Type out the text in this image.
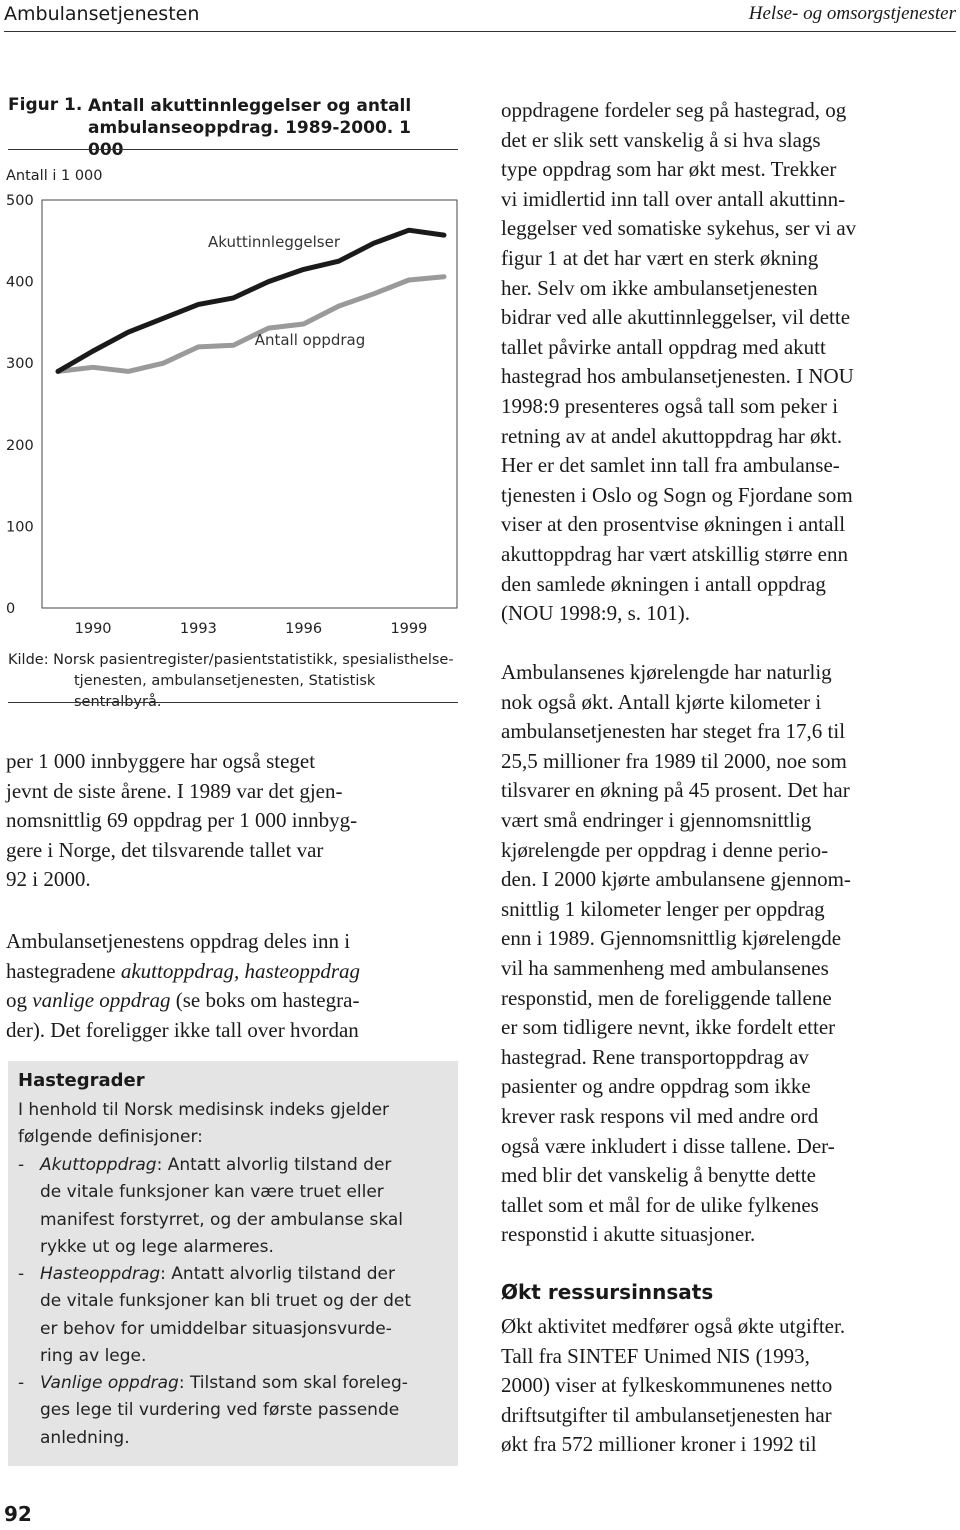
Ambulansetjenesten	Helse- og omsorgstjenester
Figur 1. Antall akuttinnleggelser og antall
ambulanseoppdrag. 1989-2000. 1 000
Antall i 1 000
0
100
200
300
400
500
1990	1993	1996	1999
Akuttinnleggelser
Antall oppdrag
Kilde: Norsk pasientregister/pasientstatistikk, spesialisthelse-
tjenesten, ambulansetjenesten, Statistisk sentralbyrå.

per 1 000 innbyggere har også steget
jevnt de siste årene. I 1989 var det gjen-
nomsnittlig 69 oppdrag per 1 000 innbyg-
gere i Norge, det tilsvarende tallet var
92 i 2000.

Ambulansetjenestens oppdrag deles inn i
hastegradene akuttoppdrag, hasteoppdrag
og vanlige oppdrag (se boks om hastegra-
der). Det foreligger ikke tall over hvordan

Hastegrader
I henhold til Norsk medisinsk indeks gjelder
følgende definisjoner:
- Akuttoppdrag: Antatt alvorlig tilstand der
de vitale funksjoner kan være truet eller
manifest forstyrret, og der ambulanse skal
rykke ut og lege alarmeres.
- Hasteoppdrag: Antatt alvorlig tilstand der
de vitale funksjoner kan bli truet og der det
er behov for umiddelbar situasjonsvurde-
ring av lege.
- Vanlige oppdrag: Tilstand som skal foreleg-
ges lege til vurdering ved første passende
anledning.

oppdragene fordeler seg på hastegrad, og
det er slik sett vanskelig å si hva slags
type oppdrag som har økt mest. Trekker
vi imidlertid inn tall over antall akuttinn-
leggelser ved somatiske sykehus, ser vi av
figur 1 at det har vært en sterk økning
her. Selv om ikke ambulansetjenesten
bidrar ved alle akuttinnleggelser, vil dette
tallet påvirke antall oppdrag med akutt
hastegrad hos ambulansetjenesten. I NOU
1998:9 presenteres også tall som peker i
retning av at andel akuttoppdrag har økt.
Her er det samlet inn tall fra ambulanse-
tjenesten i Oslo og Sogn og Fjordane som
viser at den prosentvise økningen i antall
akuttoppdrag har vært atskillig større enn
den samlede økningen i antall oppdrag
(NOU 1998:9, s. 101).

Ambulansenes kjørelengde har naturlig
nok også økt. Antall kjørte kilometer i
ambulansetjenesten har steget fra 17,6 til
25,5 millioner fra 1989 til 2000, noe som
tilsvarer en økning på 45 prosent. Det har
vært små endringer i gjennomsnittlig
kjørelengde per oppdrag i denne perio-
den. I 2000 kjørte ambulansene gjennom-
snittlig 1 kilometer lenger per oppdrag
enn i 1989. Gjennomsnittlig kjørelengde
vil ha sammenheng med ambulansenes
responstid, men de foreliggende tallene
er som tidligere nevnt, ikke fordelt etter
hastegrad. Rene transportoppdrag av
pasienter og andre oppdrag som ikke
krever rask respons vil med andre ord
også være inkludert i disse tallene. Der-
med blir det vanskelig å benytte dette
tallet som et mål for de ulike fylkenes
responstid i akutte situasjoner.

Økt ressursinnsats

Økt aktivitet medfører også økte utgifter.
Tall fra SINTEF Unimed NIS (1993,
2000) viser at fylkeskommunenes netto
driftsutgifter til ambulansetjenesten har
økt fra 572 millioner kroner i 1992 til

92
